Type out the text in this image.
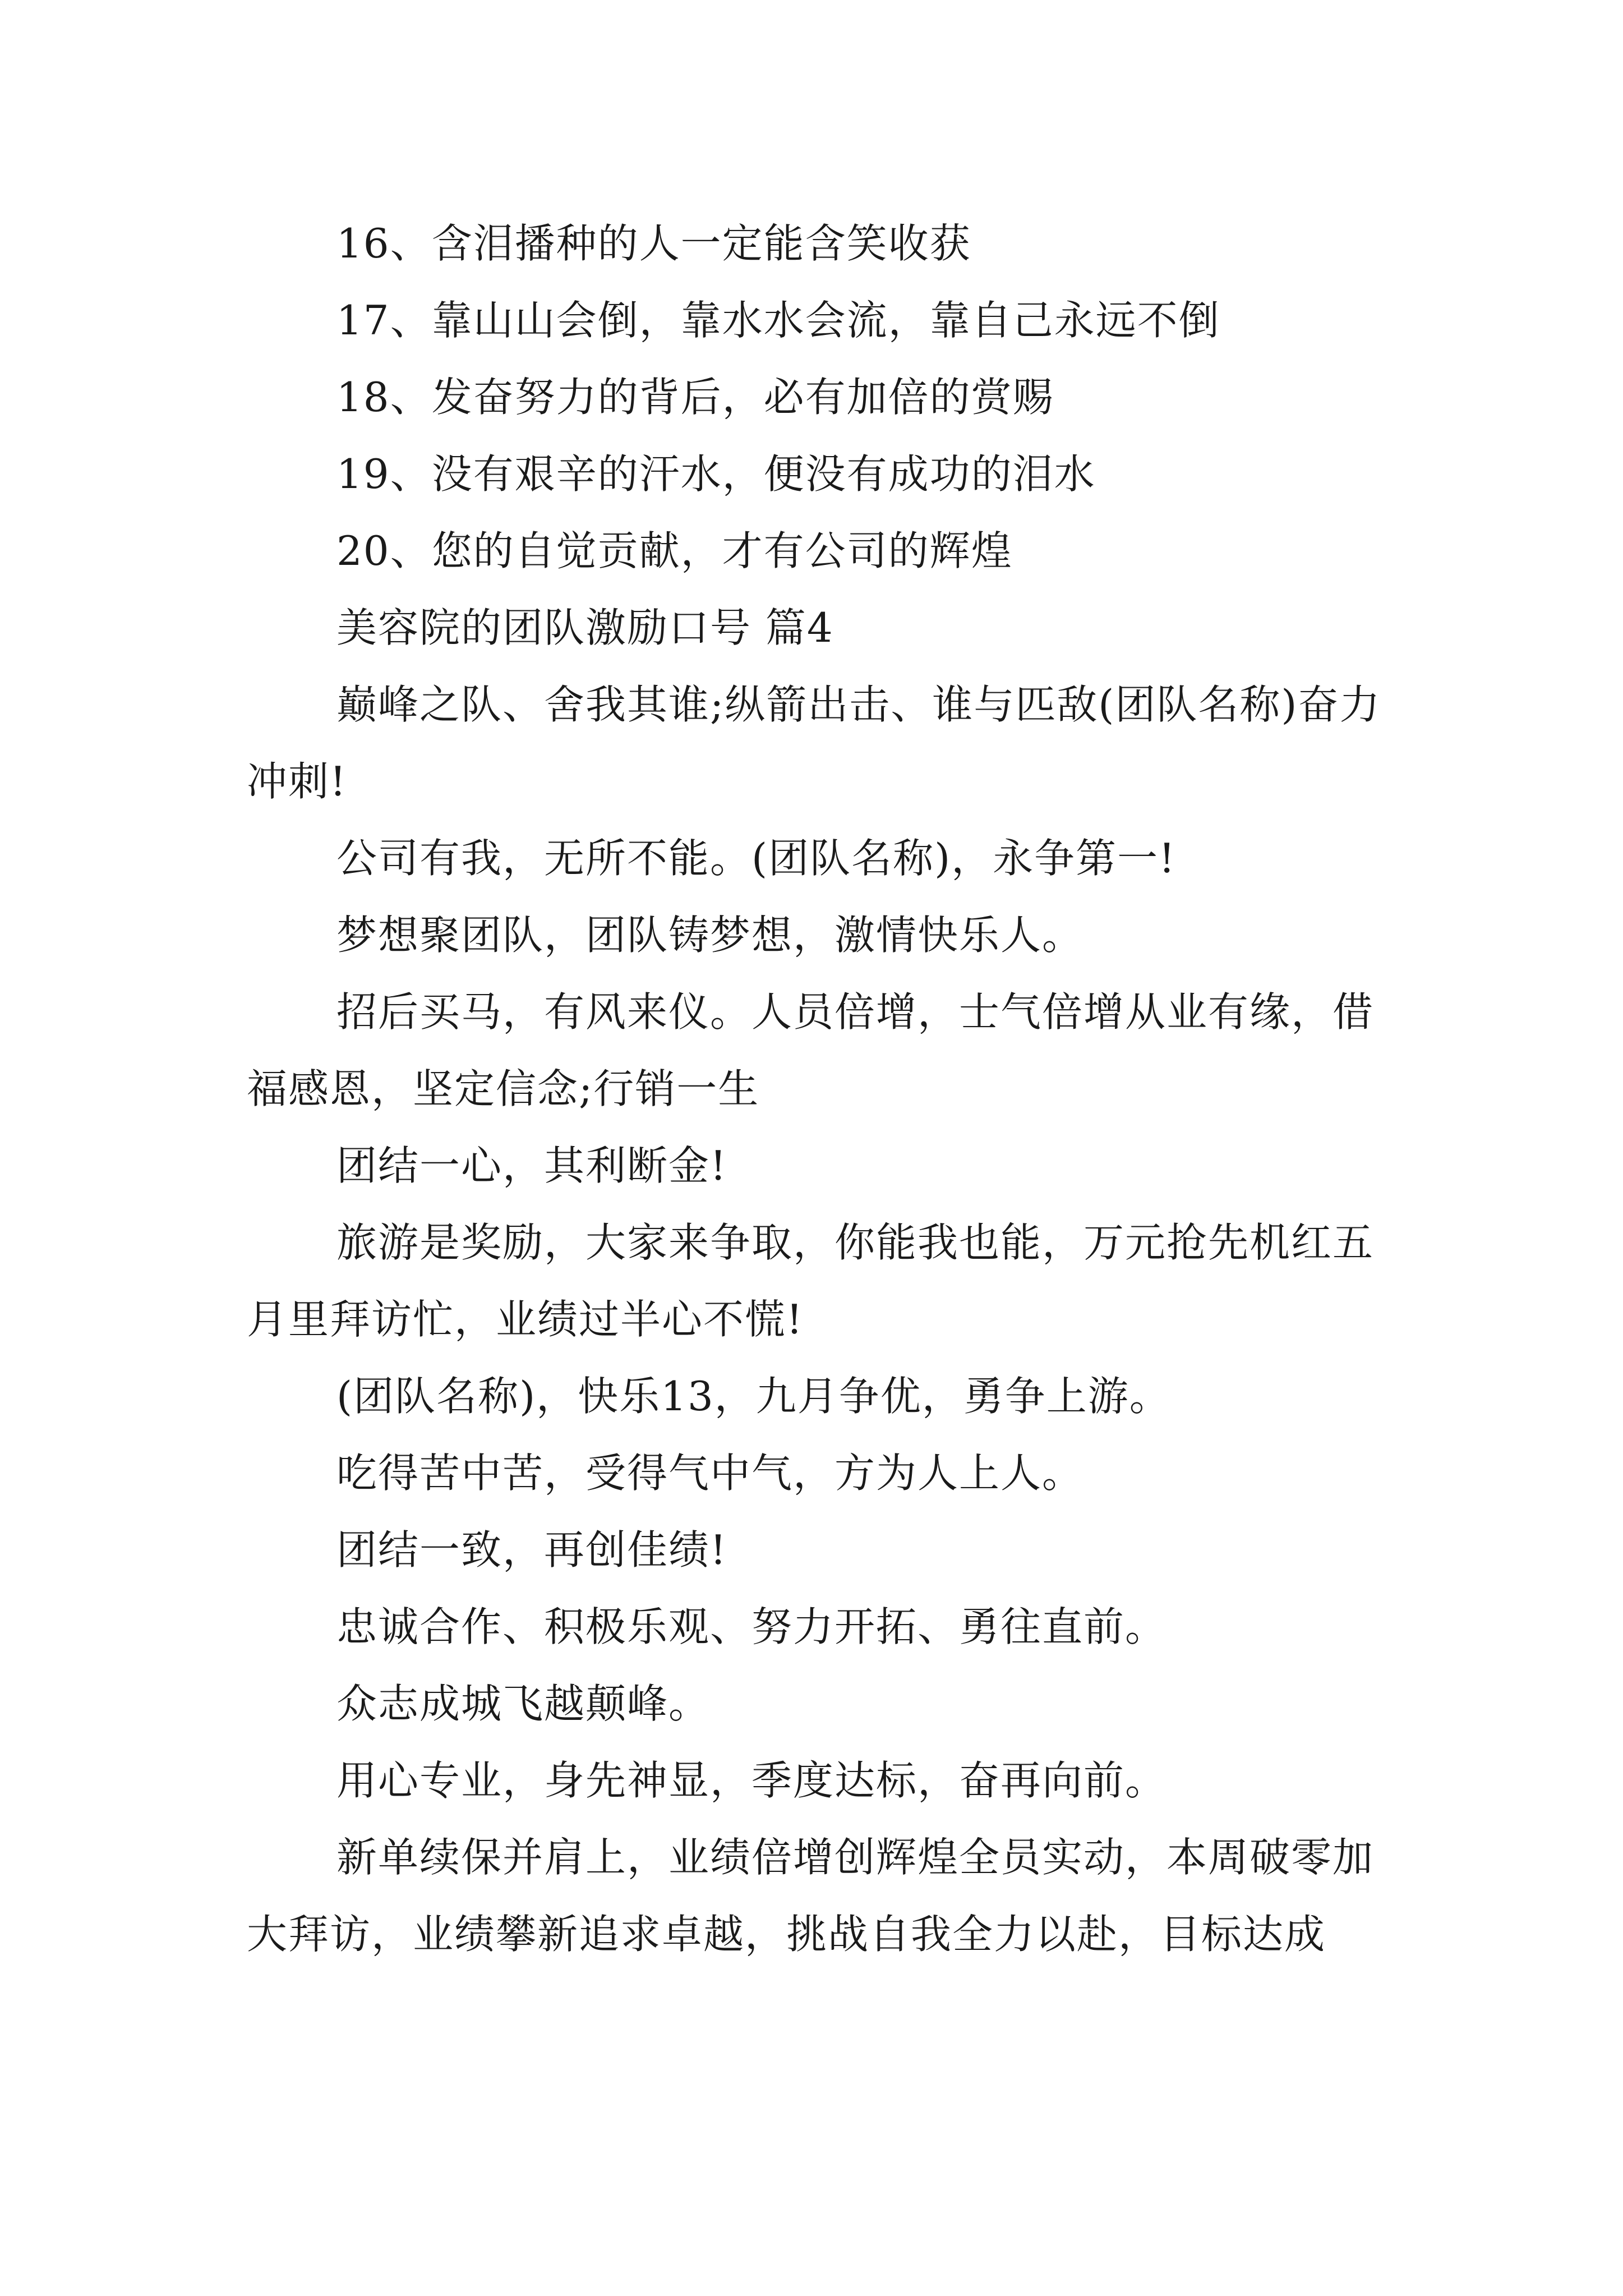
16、含泪播种的人一定能含笑收获

17、靠山山会倒，靠水水会流，靠自己永远不倒

18、发奋努力的背后，必有加倍的赏赐

19、没有艰辛的汗水，便没有成功的泪水

20、您的自觉贡献，才有公司的辉煌

美容院的团队激励口号 篇4

巅峰之队、舍我其谁;纵箭出击、谁与匹敌(团队名称)奋力冲刺!

公司有我，无所不能。(团队名称)，永争第一!

梦想聚团队，团队铸梦想，激情快乐人。

招后买马，有风来仪。人员倍增，士气倍增从业有缘，借福感恩，坚定信念;行销一生

团结一心，其利断金!

旅游是奖励，大家来争取，你能我也能，万元抢先机红五月里拜访忙，业绩过半心不慌!

(团队名称)，快乐13，九月争优，勇争上游。

吃得苦中苦，受得气中气，方为人上人。

团结一致，再创佳绩!

忠诚合作、积极乐观、努力开拓、勇往直前。

众志成城飞越颠峰。

用心专业，身先神显，季度达标，奋再向前。

新单续保并肩上，业绩倍增创辉煌全员实动，本周破零加大拜访，业绩攀新追求卓越，挑战自我全力以赴，目标达成
